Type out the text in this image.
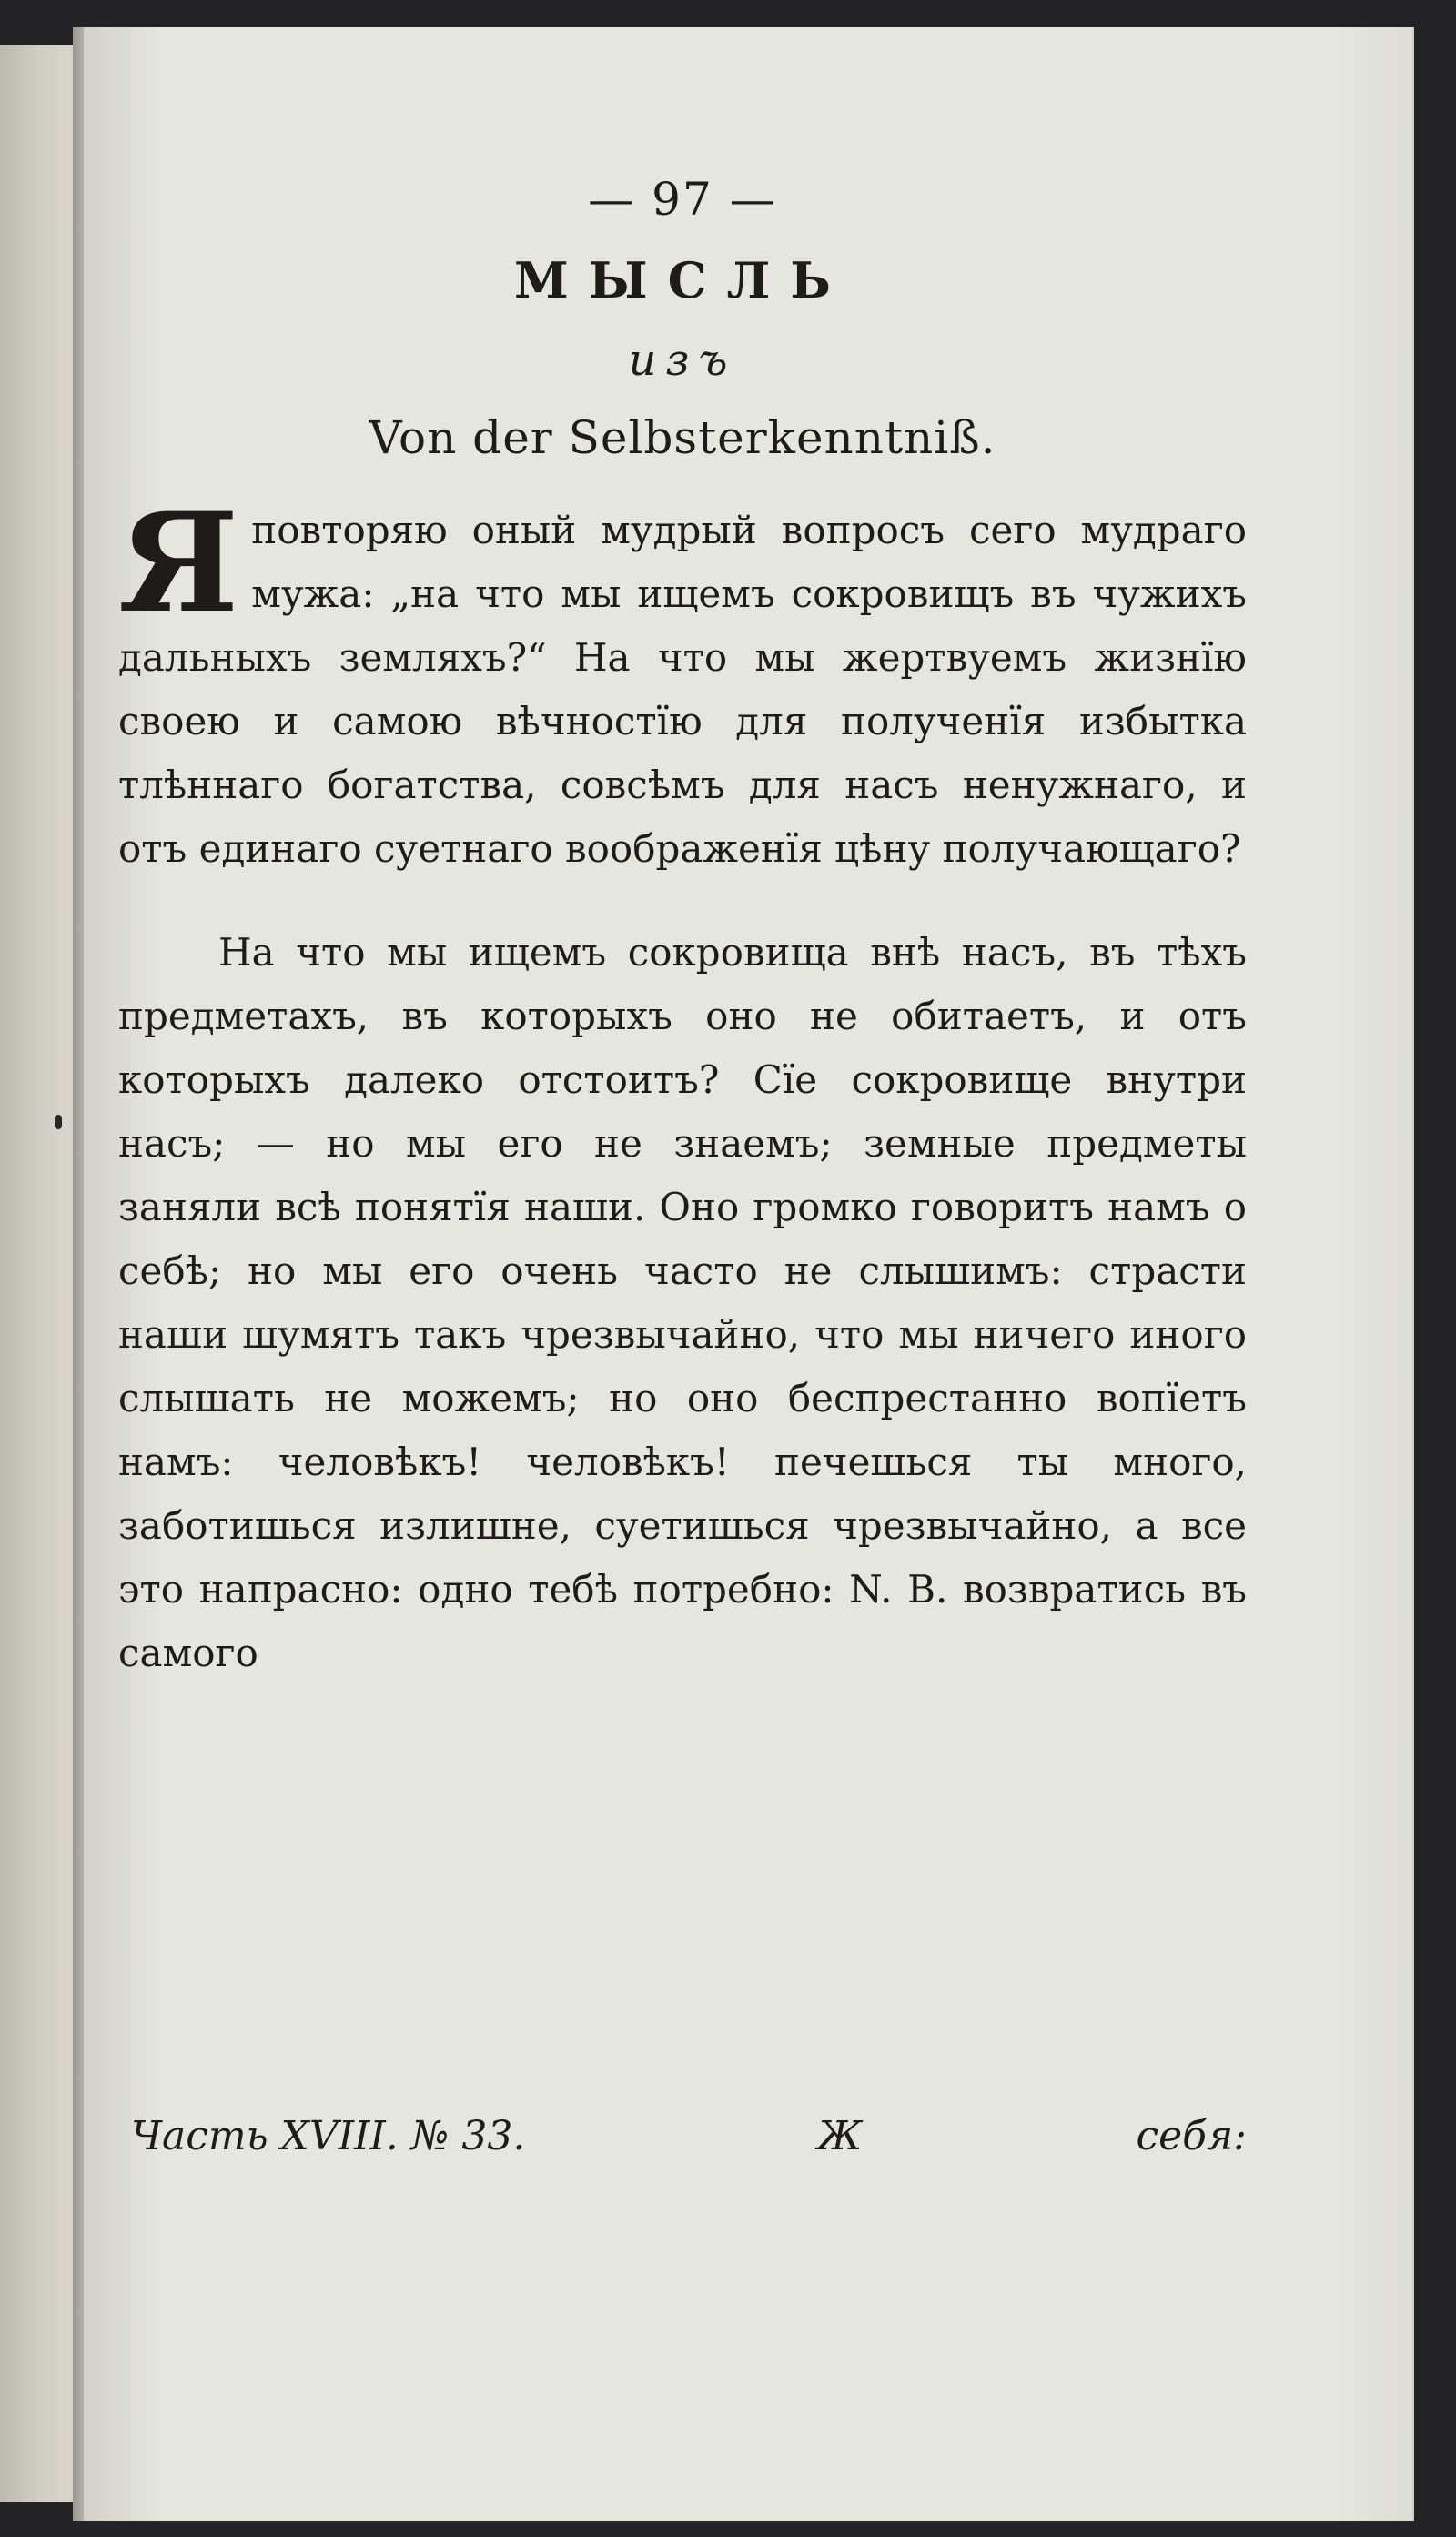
— 97 —
МЫСЛЬ
изъ
Von der Selbsterkenntniß.

Я повторяю оный мудрый вопросъ сего мудраго мужа: „на что мы ищемъ сокровищъ въ чужихъ дальныхъ земляхъ?“ На что мы жертвуемъ жизнїю своею и самою вѣчностїю для полученїя избытка тлѣннаго богатства, совсѣмъ для насъ ненужнаго, и отъ единаго суетнаго воображенїя цѣну получающаго?

На что мы ищемъ сокровища внѣ насъ, въ тѣхъ предметахъ, въ которыхъ оно не обитаетъ, и отъ которыхъ далеко отстоитъ? Сїе сокровище внутри насъ; — но мы его не знаемъ; земные предметы заняли всѣ понятїя наши. Оно громко говоритъ намъ о себѣ; но мы его очень часто не слышимъ: страсти наши шумятъ такъ чрезвычайно, что мы ничего иного слышать не можемъ; но оно беспрестанно вопїетъ намъ: человѣкъ! человѣкъ! печешься ты много, заботишься излишне, суетишься чрезвычайно, а все это напрасно: одно тебѣ потребно: N. B. возвратись въ самого

Часть XVIII. № 33.	Ж	себя:
